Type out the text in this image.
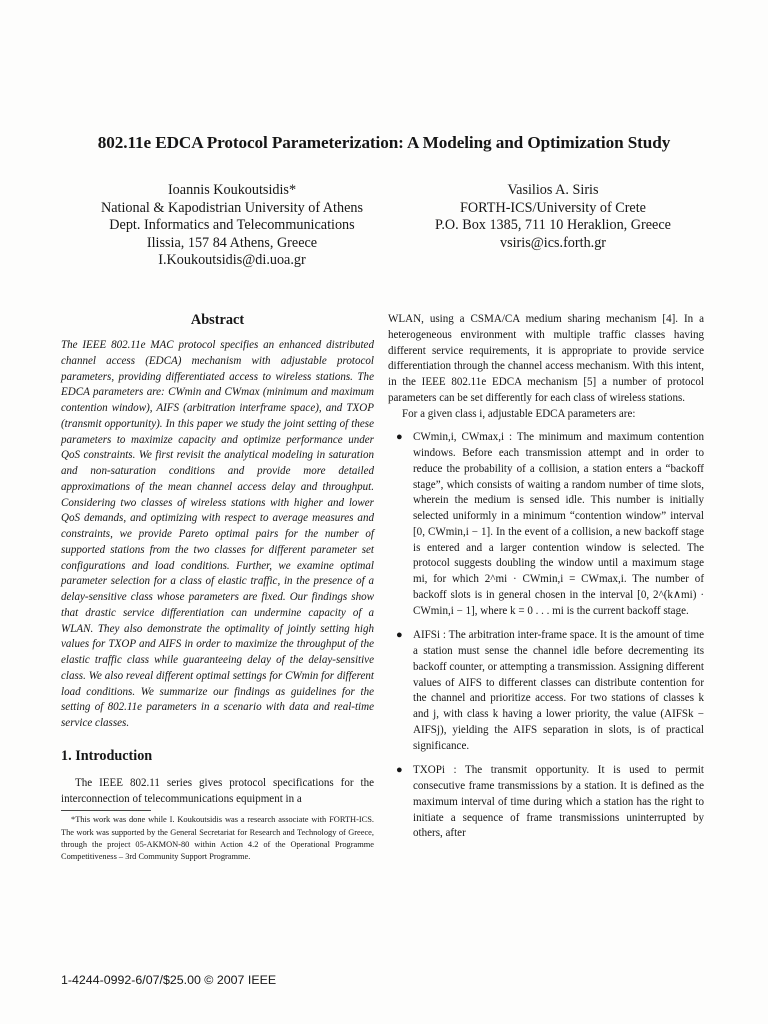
802.11e EDCA Protocol Parameterization: A Modeling and Optimization Study
Ioannis Koukoutsidis*
National & Kapodistrian University of Athens
Dept. Informatics and Telecommunications
Ilissia, 157 84 Athens, Greece
I.Koukoutsidis@di.uoa.gr
Vasilios A. Siris
FORTH-ICS/University of Crete
P.O. Box 1385, 711 10 Heraklion, Greece
vsiris@ics.forth.gr
Abstract

The IEEE 802.11e MAC protocol specifies an enhanced distributed channel access (EDCA) mechanism with adjustable protocol parameters, providing differentiated access to wireless stations. The EDCA parameters are: CWmin and CWmax (minimum and maximum contention window), AIFS (arbitration interframe space), and TXOP (transmit opportunity). In this paper we study the joint setting of these parameters to maximize capacity and optimize performance under QoS constraints. We first revisit the analytical modeling in saturation and non-saturation conditions and provide more detailed approximations of the mean channel access delay and throughput. Considering two classes of wireless stations with higher and lower QoS demands, and optimizing with respect to average measures and constraints, we provide Pareto optimal pairs for the number of supported stations from the two classes for different parameter set configurations and load conditions. Further, we examine optimal parameter selection for a class of elastic traffic, in the presence of a delay-sensitive class whose parameters are fixed. Our findings show that drastic service differentiation can undermine capacity of a WLAN. They also demonstrate the optimality of jointly setting high values for TXOP and AIFS in order to maximize the throughput of the elastic traffic class while guaranteeing delay of the delay-sensitive class. We also reveal different optimal settings for CWmin for different load conditions. We summarize our findings as guidelines for the setting of 802.11e parameters in a scenario with data and real-time service classes.

1. Introduction

The IEEE 802.11 series gives protocol specifications for the interconnection of telecommunications equipment in a

*This work was done while I. Koukoutsidis was a research associate with FORTH-ICS. The work was supported by the General Secretariat for Research and Technology of Greece, through the project 05-AKMON-80 within Action 4.2 of the Operational Programme Competitiveness – 3rd Community Support Programme.

WLAN, using a CSMA/CA medium sharing mechanism [4]. In a heterogeneous environment with multiple traffic classes having different service requirements, it is appropriate to provide service differentiation through the channel access mechanism. With this intent, in the IEEE 802.11e EDCA mechanism [5] a number of protocol parameters can be set differently for each class of wireless stations.

For a given class i, adjustable EDCA parameters are:

● CWmin,i, CWmax,i : The minimum and maximum contention windows. Before each transmission attempt and in order to reduce the probability of a collision, a station enters a “backoff stage”, which consists of waiting a random number of time slots, wherein the medium is sensed idle. This number is initially selected uniformly in a minimum “contention window” interval [0, CWmin,i − 1]. In the event of a collision, a new backoff stage is entered and a larger contention window is selected. The protocol suggests doubling the window until a maximum stage mi, for which 2^mi · CWmin,i = CWmax,i. The number of backoff slots is in general chosen in the interval [0, 2^(k∧mi) · CWmin,i − 1], where k = 0 . . . mi is the current backoff stage.
● AIFSi : The arbitration inter-frame space. It is the amount of time a station must sense the channel idle before decrementing its backoff counter, or attempting a transmission. Assigning different values of AIFS to different classes can distribute contention for the channel and prioritize access. For two stations of classes k and j, with class k having a lower priority, the value (AIFSk − AIFSj), yielding the AIFS separation in slots, is of practical significance.
● TXOPi : The transmit opportunity. It is used to permit consecutive frame transmissions by a station. It is defined as the maximum interval of time during which a station has the right to initiate a sequence of frame transmissions uninterrupted by others, after
1-4244-0992-6/07/$25.00 © 2007 IEEE
